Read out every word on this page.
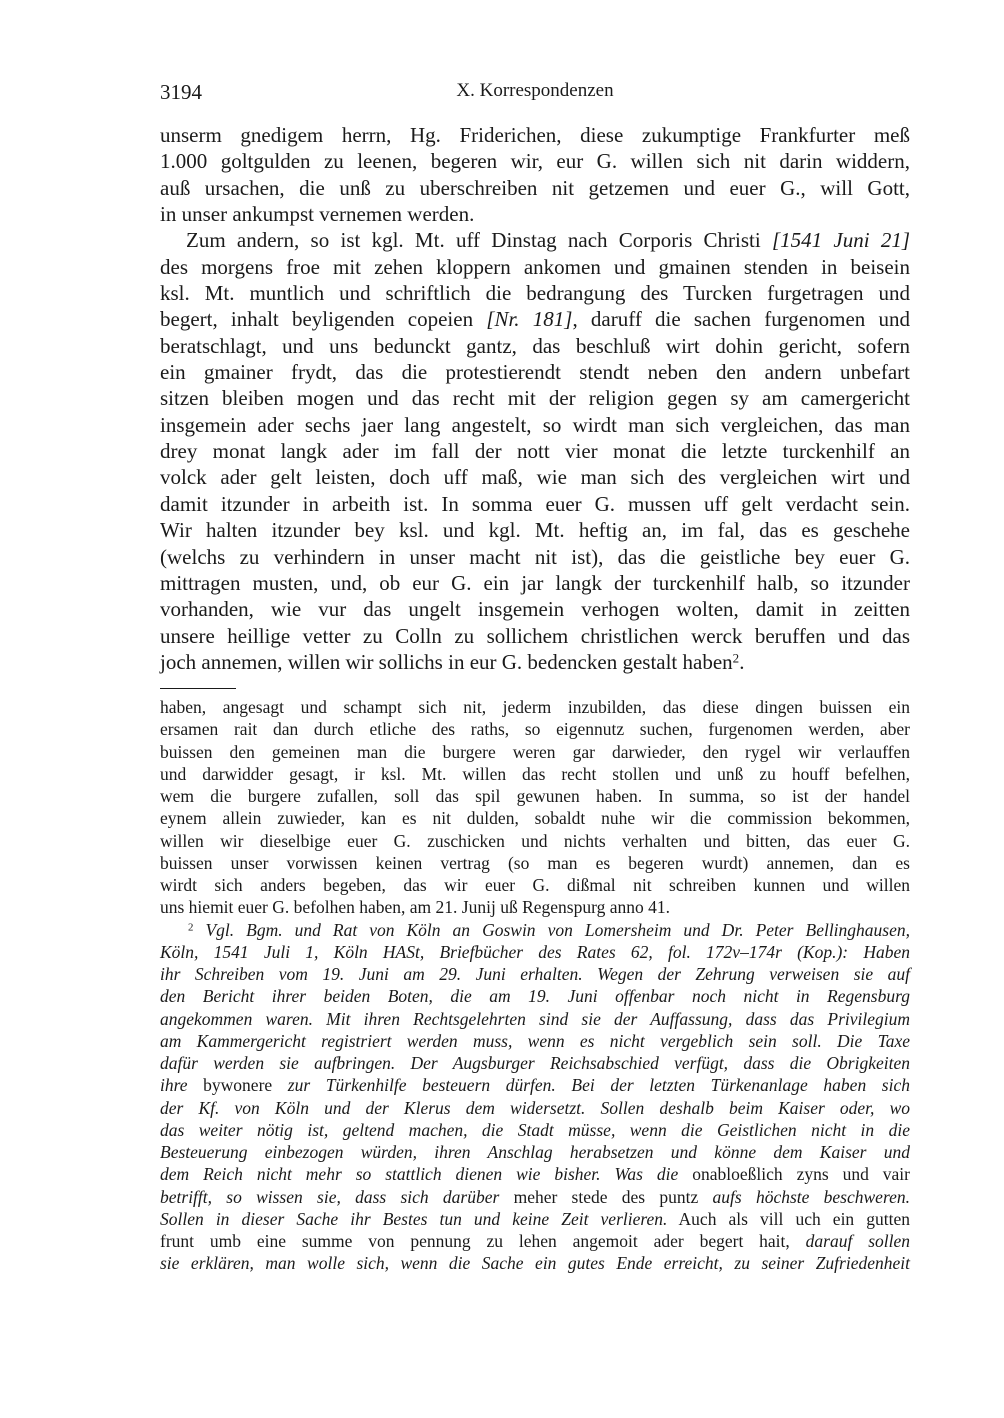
3194	X. Korrespondenzen
unserm gnedigem herrn, Hg. Friderichen, diese zukumptige Frankfurter meß
1.000 goltgulden zu leenen, begeren wir, eur G. willen sich nit darin widdern,
auß ursachen, die unß zu uberschreiben nit getzemen und euer G., will Gott,
in unser ankumpst vernemen werden.
Zum andern, so ist kgl. Mt. uff Dinstag nach Corporis Christi [1541 Juni 21]
des morgens froe mit zehen kloppern ankomen und gmainen stenden in beisein
ksl. Mt. muntlich und schriftlich die bedrangung des Turcken furgetragen und
begert, inhalt beyligenden copeien [Nr. 181], daruff die sachen furgenomen und
beratschlagt, und uns bedunckt gantz, das beschluß wirt dohin gericht, sofern
ein gmainer frydt, das die protestierendt stendt neben den andern unbefart
sitzen bleiben mogen und das recht mit der religion gegen sy am camergericht
insgemein ader sechs jaer lang angestelt, so wirdt man sich vergleichen, das man
drey monat langk ader im fall der nott vier monat die letzte turckenhilf an
volck ader gelt leisten, doch uff maß, wie man sich des vergleichen wirt und
damit itzunder in arbeith ist. In somma euer G. mussen uff gelt verdacht sein.
Wir halten itzunder bey ksl. und kgl. Mt. heftig an, im fal, das es geschehe
(welchs zu verhindern in unser macht nit ist), das die geistliche bey euer G.
mittragen musten, und, ob eur G. ein jar langk der turckenhilf halb, so itzunder
vorhanden, wie vur das ungelt insgemein verhogen wolten, damit in zeitten
unsere heillige vetter zu Colln zu sollichem christlichen werck beruffen und das
joch annemen, willen wir sollichs in eur G. bedencken gestalt haben$^2$.
haben, angesagt und schampt sich nit, jederm inzubilden, das diese dingen buissen ein
ersamen rait dan durch etliche des raths, so eigennutz suchen, furgenomen werden, aber
buissen den gemeinen man die burgere weren gar darwieder, den rygel wir verlauffen
und darwidder gesagt, ir ksl. Mt. willen das recht stollen und unß zu houff befelhen,
wem die burgere zufallen, soll das spil gewunen haben. In summa, so ist der handel
eynem allein zuwieder, kan es nit dulden, sobaldt nuhe wir die commission bekommen,
willen wir dieselbige euer G. zuschicken und nichts verhalten und bitten, das euer G.
buissen unser vorwissen keinen vertrag (so man es begeren wurdt) annemen, dan es
wirdt sich anders begeben, das wir euer G. dißmal nit schreiben kunnen und willen
uns hiemit euer G. befolhen haben, am 21. Junij uß Regenspurg anno 41.
$^2$ Vgl. Bgm. und Rat von Köln an Goswin von Lomersheim und Dr. Peter Bellinghausen,
Köln, 1541 Juli 1, Köln HASt, Briefbücher des Rates 62, fol. 172v–174r (Kop.): Haben
ihr Schreiben vom 19. Juni am 29. Juni erhalten. Wegen der Zehrung verweisen sie auf
den Bericht ihrer beiden Boten, die am 19. Juni offenbar noch nicht in Regensburg
angekommen waren. Mit ihren Rechtsgelehrten sind sie der Auffassung, dass das Privilegium
am Kammergericht registriert werden muss, wenn es nicht vergeblich sein soll. Die Taxe
dafür werden sie aufbringen. Der Augsburger Reichsabschied verfügt, dass die Obrigkeiten
ihre bywonere zur Türkenhilfe besteuern dürfen. Bei der letzten Türkenanlage haben sich
der Kf. von Köln und der Klerus dem widersetzt. Sollen deshalb beim Kaiser oder, wo
das weiter nötig ist, geltend machen, die Stadt müsse, wenn die Geistlichen nicht in die
Besteuerung einbezogen würden, ihren Anschlag herabsetzen und könne dem Kaiser und
dem Reich nicht mehr so stattlich dienen wie bisher. Was die onabloeßlich zyns und vair
betrifft, so wissen sie, dass sich darüber meher stede des puntz aufs höchste beschweren.
Sollen in dieser Sache ihr Bestes tun und keine Zeit verlieren. Auch als vill uch ein gutten
frunt umb eine summe von pennung zu lehen angemoit ader begert hait, darauf sollen
sie erklären, man wolle sich, wenn die Sache ein gutes Ende erreicht, zu seiner Zufriedenheit
